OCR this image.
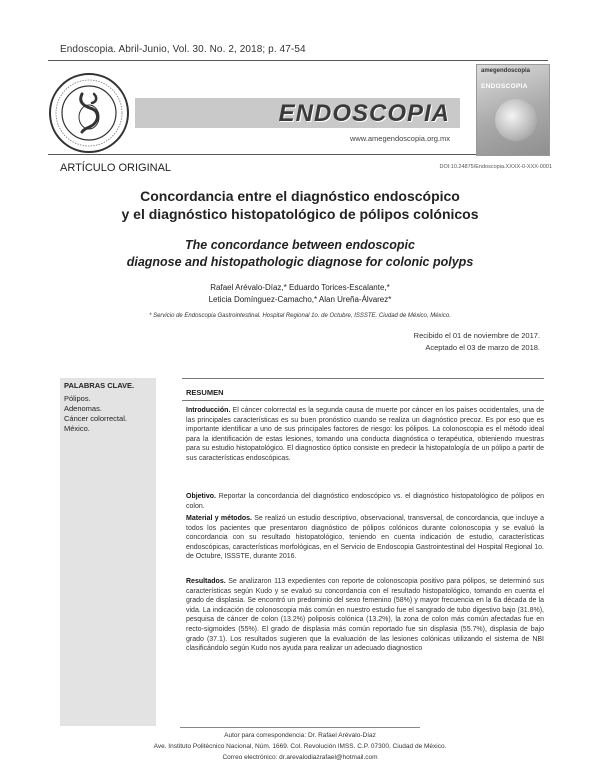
Endoscopia. Abril-Junio, Vol. 30. No. 2, 2018; p. 47-54
ENDOSCOPIA
www.amegendoscopia.org.mx
amegendoscopia
ENDOSCOPIA
ARTÍCULO ORIGINAL	DOI:10.24875/Endoscopia.XXXX-0-XXX-0001
Concordancia entre el diagnóstico endoscópico
y el diagnóstico histopatológico de pólipos colónicos
The concordance between endoscopic
diagnose and histopathologic diagnose for colonic polyps
Rafael Arévalo-Díaz,* Eduardo Torices-Escalante,*
Leticia Domínguez-Camacho,* Alan Ureña-Álvarez*
* Servicio de Endoscopia Gastrointestinal. Hospital Regional 1o. de Octubre, ISSSTE. Ciudad de México, México.
Recibido el 01 de noviembre de 2017.
Aceptado el 03 de marzo de 2018.
PALABRAS CLAVE.
Pólipos.
Adenomas.
Cáncer colorrectal.
México.
RESUMEN
Introducción. El cáncer colorrectal es la segunda causa de muerte por cáncer en los países occidentales, una de las principales características es su buen pronóstico cuando se realiza un diagnóstico precoz. Es por eso que es importante identificar a uno de sus principales factores de riesgo: los pólipos. La colonoscopia es el método ideal para la identificación de estas lesiones, tomando una conducta diagnóstica o terapéutica, obteniendo muestras para su estudio histopatológico. El diagnostico óptico consiste en predecir la histopatología de un pólipo a partir de sus características endoscópicas.
Objetivo. Reportar la concordancia del diagnóstico endoscópico vs. el diagnóstico histopatológico de pólipos en colon.
Material y métodos. Se realizó un estudio descriptivo, observacional, transversal, de concordancia, que incluye a todos los pacientes que presentaron diagnóstico de pólipos colónicos durante colonoscopia y se evaluó la concordancia con su resultado histopatológico, teniendo en cuenta indicación de estudio, características endoscópicas, características morfológicas, en el Servicio de Endoscopia Gastrointestinal del Hospital Regional 1o. de Octubre, ISSSTE, durante 2016.
Resultados. Se analizaron 113 expedientes con reporte de colonoscopia positivo para pólipos, se determinó sus características según Kudo y se evaluó su concordancia con el resultado histopatológico, tomando en cuenta el grado de displasia. Se encontró un predominio del sexo femenino (58%) y mayor frecuencia en la 6a década de la vida. La indicación de colonoscopia más común en nuestro estudio fue el sangrado de tubo digestivo bajo (31.8%), pesquisa de cáncer de colon (13.2%) poliposis colónica (13.2%), la zona de colon más común afectadas fue en recto-sigmoides (55%). El grado de displasia más común reportado fue sin displasia (55.7%), displasia de bajo grado (37.1). Los resultados sugieren que la evaluación de las lesiones colónicas utilizando el sistema de NBI clasificándolo según Kudo nos ayuda para realizar un adecuado diagnostico
Autor para correspondencia: Dr. Rafael Arévalo-Díaz
Ave. Instituto Politécnico Nacional, Núm. 1669. Col. Revolución IMSS. C.P. 07300, Ciudad de México.
Correo electrónico: dr.arevalodiazrafael@hotmail.com
